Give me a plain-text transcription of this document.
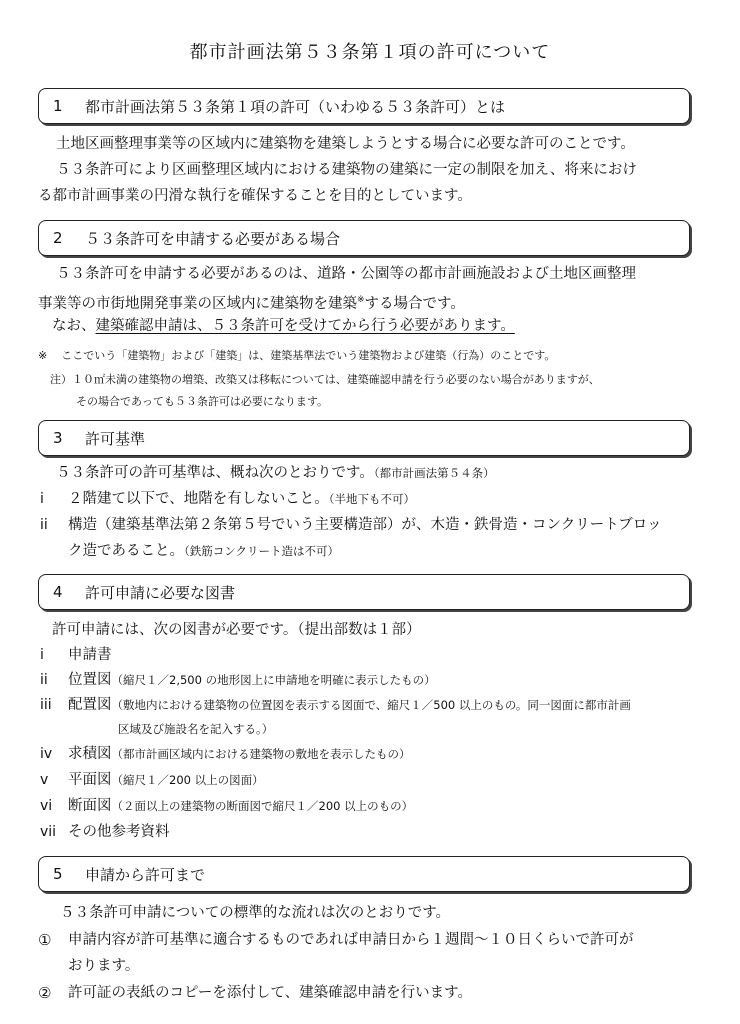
都市計画法第５３条第１項の許可について
1	都市計画法第５３条第１項の許可（いわゆる５３条許可）とは
土地区画整理事業等の区域内に建築物を建築しようとする場合に必要な許可のことです。
５３条許可により区画整理区域内における建築物の建築に一定の制限を加え、将来におけ
る都市計画事業の円滑な執行を確保することを目的としています。
2	５３条許可を申請する必要がある場合
５３条許可を申請する必要があるのは、道路・公園等の都市計画施設および土地区画整理
事業等の市街地開発事業の区域内に建築物を建築※する場合です。
なお、建築確認申請は、５３条許可を受けてから行う必要があります。
※ ここでいう「建築物」および「建築」は、建築基準法でいう建築物および建築（行為）のことです。
注）１０㎡未満の建築物の増築、改築又は移転については、建築確認申請を行う必要のない場合がありますが、
その場合であっても５３条許可は必要になります。
3	許可基準
５３条許可の許可基準は、概ね次のとおりです。（都市計画法第５４条）
i ２階建て以下で、地階を有しないこと。（半地下も不可）
ii 構造（建築基準法第２条第５号でいう主要構造部）が、木造・鉄骨造・コンクリートブロッ
ク造であること。（鉄筋コンクリート造は不可）
4	許可申請に必要な図書
許可申請には、次の図書が必要です。（提出部数は１部）
i 申請書
ii 位置図（縮尺１／2,500 の地形図上に申請地を明確に表示したもの）
iii 配置図（敷地内における建築物の位置図を表示する図面で、縮尺１／500 以上のもの。同一図面に都市計画
区域及び施設名を記入する。）
iv 求積図（都市計画区域内における建築物の敷地を表示したもの）
v 平面図（縮尺１／200 以上の図面）
vi 断面図（２面以上の建築物の断面図で縮尺１／200 以上のもの）
vii その他参考資料
5	申請から許可まで
５３条許可申請についての標準的な流れは次のとおりです。
① 申請内容が許可基準に適合するものであれば申請日から１週間～１０日くらいで許可が
おります。
② 許可証の表紙のコピーを添付して、建築確認申請を行います。
